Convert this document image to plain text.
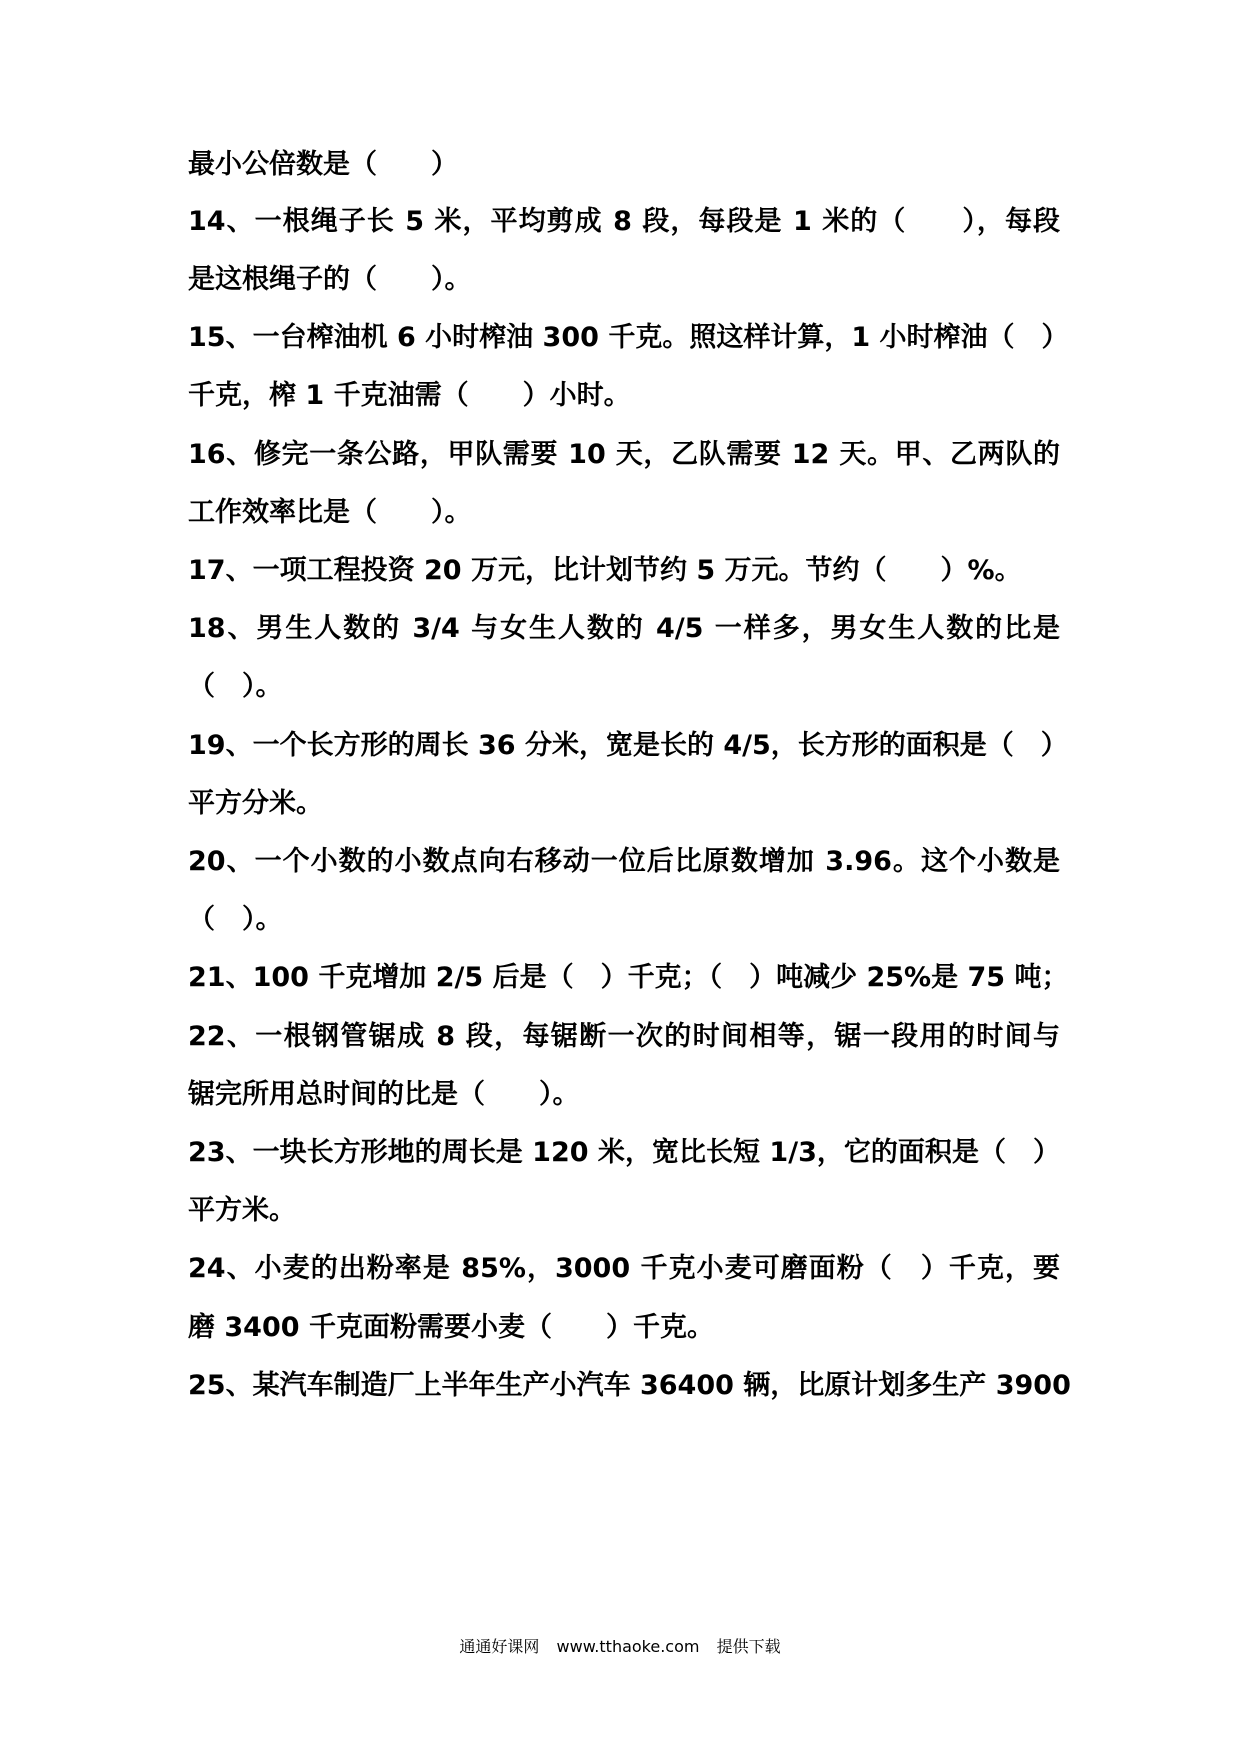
最小公倍数是（　　）
14、一根绳子长 5 米，平均剪成 8 段，每段是 1 米的（　　），每段
是这根绳子的（　　）。
15、一台榨油机 6 小时榨油 300 千克。照这样计算，1 小时榨油（　）
千克，榨 1 千克油需（　　）小时。
16、修完一条公路，甲队需要 10 天，乙队需要 12 天。甲、乙两队的
工作效率比是（　　）。
17、一项工程投资 20 万元，比计划节约 5 万元。节约（　　）%。
18、男生人数的 3/4 与女生人数的 4/5 一样多，男女生人数的比是
（　）。
19、一个长方形的周长 36 分米，宽是长的 4/5，长方形的面积是（　）
平方分米。
20、一个小数的小数点向右移动一位后比原数增加 3.96。这个小数是
（　）。
21、100 千克增加 2/5 后是（　）千克；（　）吨减少 25%是 75 吨；
22、一根钢管锯成 8 段，每锯断一次的时间相等，锯一段用的时间与
锯完所用总时间的比是（　　）。
23、一块长方形地的周长是 120 米，宽比长短 1/3，它的面积是（　）
平方米。
24、小麦的出粉率是 85%，3000 千克小麦可磨面粉（　）千克，要
磨 3400 千克面粉需要小麦（　　）千克。
25、某汽车制造厂上半年生产小汽车 36400 辆，比原计划多生产 3900
通通好课网 www.tthaoke.com 提供下载
